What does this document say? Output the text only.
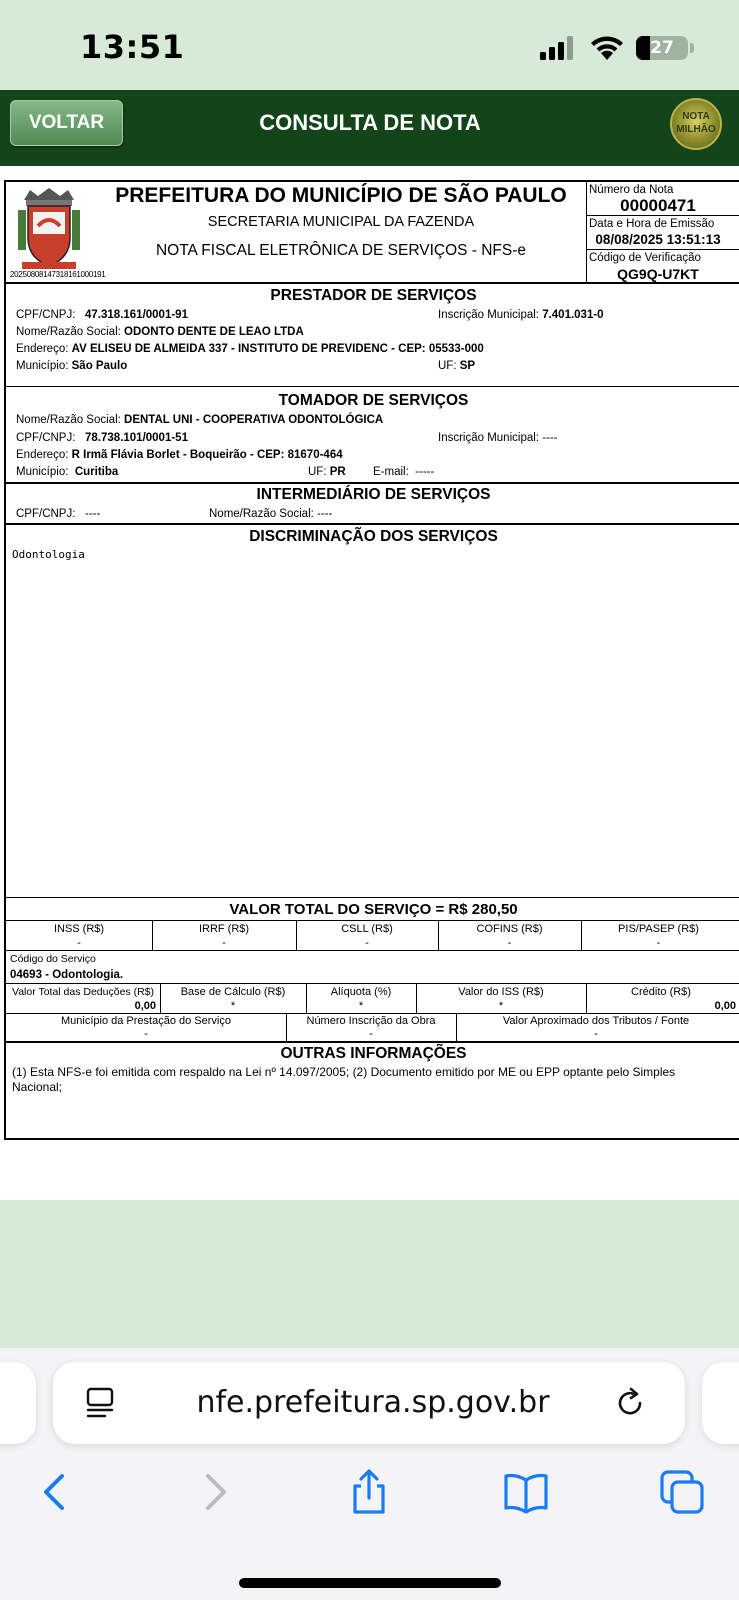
13:51	27
VOLTAR	CONSULTA DE NOTA	NOTA
MILHÃO
20250808147318161000191
PREFEITURA DO MUNICÍPIO DE SÃO PAULO
SECRETARIA MUNICIPAL DA FAZENDA
NOTA FISCAL ELETRÔNICA DE SERVIÇOS - NFS-e
Número da Nota
00000471
Data e Hora de Emissão
08/08/2025 13:51:13
Código de Verificação
QG9Q-U7KT
PRESTADOR DE SERVIÇOS
CPF/CNPJ: 47.318.161/0001-91	Inscrição Municipal: 7.401.031-0
Nome/Razão Social: ODONTO DENTE DE LEAO LTDA
Endereço: AV ELISEU DE ALMEIDA 337 - INSTITUTO DE PREVIDENC - CEP: 05533-000
Município: São Paulo	UF: SP
TOMADOR DE SERVIÇOS
Nome/Razão Social: DENTAL UNI - COOPERATIVA ODONTOLÓGICA
CPF/CNPJ: 78.738.101/0001-51	Inscrição Municipal: ----
Endereço: R Irmã Flávia Borlet - Boqueirão - CEP: 81670-464
Município: Curitiba	UF: PR E-mail: -----
INTERMEDIÁRIO DE SERVIÇOS
CPF/CNPJ: ----	Nome/Razão Social: ----
DISCRIMINAÇÃO DOS SERVIÇOS
Odontologia
VALOR TOTAL DO SERVIÇO = R$ 280,50
INSS (R$)	IRRF (R$)	CSLL (R$)	COFINS (R$)	PIS/PASEP (R$)
-	-	-	-	-
Código do Serviço
04693 - Odontologia.
Valor Total das Deduções (R$)	Base de Cálculo (R$)	Alíquota (%)	Valor do ISS (R$)	Crédito (R$)
0,00	*	*	*	0,00
Município da Prestação do Serviço	Número Inscrição da Obra	Valor Aproximado dos Tributos / Fonte
-	-	-
OUTRAS INFORMAÇÕES
(1) Esta NFS-e foi emitida com respaldo na Lei nº 14.097/2005; (2) Documento emitido por ME ou EPP optante pelo Simples
Nacional;
nfe.prefeitura.sp.gov.br
